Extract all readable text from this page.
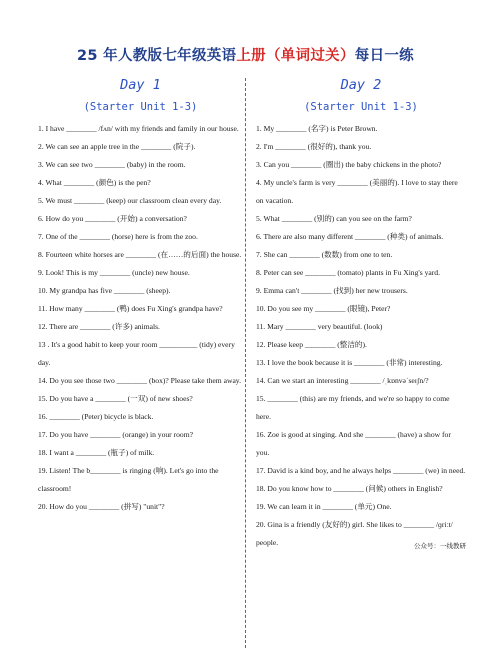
25 年人教版七年级英语上册（单词过关）每日一练

Day 1

(Starter Unit 1-3)

1. I have ________ /fʌn/ with my friends and family in our house.
2. We can see an apple tree in the ________ (院子).
3. We can see two ________ (baby) in the room.
4. What ________ (颜色) is the pen?
5. We must ________ (keep) our classroom clean every day.
6. How do you ________ (开始) a conversation?
7. One of the ________ (horse) here is from the zoo.
8. Fourteen white horses are ________ (在……的后面) the house.
9. Look! This is my ________ (uncle) new house.
10. My grandpa has five ________ (sheep).
11. How many ________ (鸭) does Fu Xing's grandpa have?
12. There are ________ (许多) animals.
13 . It's a good habit to keep your room __________ (tidy) every day.
14. Do you see those two ________ (box)? Please take them away.
15. Do you have a ________ (一双) of new shoes?
16. ________ (Peter) bicycle is black.
17. Do you have ________ (orange) in your room?
18. I want a ________ (瓶子) of milk.
19. Listen! The b________ is ringing (响). Let's go into the classroom!
20. How do you ________ (拼写) "unit"?

Day 2

(Starter Unit 1-3)

1. My ________ (名字) is Peter Brown.
2. I'm ________ (很好的), thank you.
3. Can you ________ (圈出) the baby chickens in the photo?
4. My uncle's farm is very ________ (美丽的). I love to stay there on vacation.
5. What ________ (别的) can you see on the farm?
6. There are also many different ________ (种类) of animals.
7. She can ________ (数数) from one to ten.
8. Peter can see ________ (tomato) plants in Fu Xing's yard.
9. Emma can't ________ (找到) her new trousers.
10. Do you see my ________ (眼镜), Peter?
11. Mary ________ very beautiful. (look)
12. Please keep ________ (整洁的).
13. I love the book because it is ________ (非常) interesting.
14. Can we start an interesting ________ /ˌkɒnvəˈseɪʃn/?
15. ________ (this) are my friends, and we're so happy to come here.
16. Zoe is good at singing. And she ________ (have) a show for you.
17. David is a kind boy, and he always helps ________ (we) in need.
18. Do you know how to ________ (问候) others in English?
19. We can learn it in ________ (单元) One.
20. Gina is a friendly (友好的) girl. She likes to ________ /ɡriːt/ people.	公众号：一线教研
